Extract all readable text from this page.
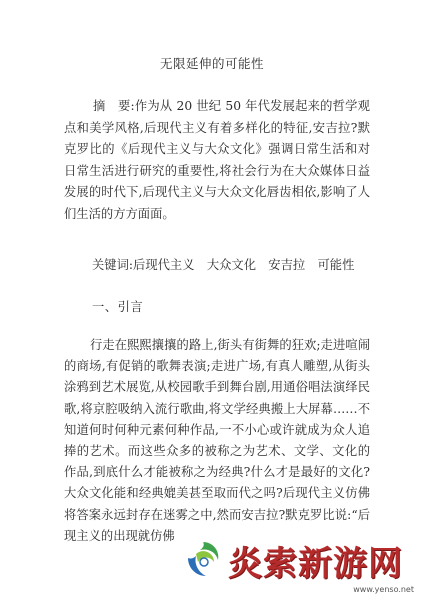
无限延伸的可能性
摘　要:作为从 20 世纪 50 年代发展起来的哲学观点和美学风格,后现代主义有着多样化的特征,安吉拉?默克罗比的《后现代主义与大众文化》强调日常生活和对日常生活进行研究的重要性,将社会行为在大众媒体日益发展的时代下,后现代主义与大众文化唇齿相依,影响了人们生活的方方面面。
关键词:后现代主义　大众文化　安吉拉　可能性
一、引言
行走在熙熙攘攘的路上,街头有街舞的狂欢;走进喧闹的商场,有促销的歌舞表演;走进广场,有真人雕塑,从街头涂鸦到艺术展览,从校园歌手到舞台剧,用通俗唱法演绎民歌,将京腔吸纳入流行歌曲,将文学经典搬上大屏幕……不知道何时何种元素何种作品,一不小心或许就成为众人追捧的艺术。而这些众多的被称之为艺术、文学、文化的作品,到底什么才能被称之为经典?什么才是最好的文化?大众文化能和经典媲美甚至取而代之吗?后现代主义仿佛将答案永远封存在迷雾之中,然而安吉拉?默克罗比说:“后现主义的出现就仿佛
炎索新游网
www.yenso.net
